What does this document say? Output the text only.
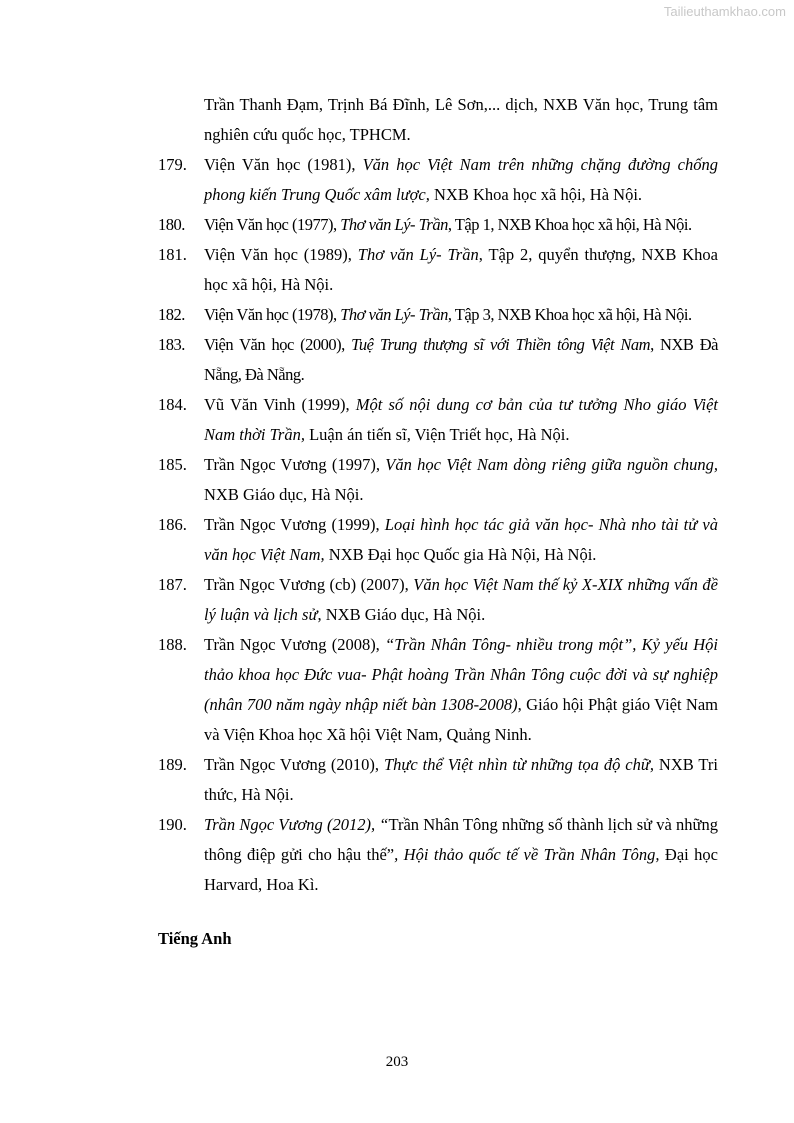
Tailieuthamkhao.com
Trần Thanh Đạm, Trịnh Bá Đĩnh, Lê Sơn,... dịch, NXB Văn học, Trung tâm nghiên cứu quốc học, TPHCM.
179. Viện Văn học (1981), Văn học Việt Nam trên những chặng đường chống phong kiến Trung Quốc xâm lược, NXB Khoa học xã hội, Hà Nội.
180. Viện Văn học (1977), Thơ văn Lý- Trần, Tập 1, NXB Khoa học xã hội, Hà Nội.
181. Viện Văn học (1989), Thơ văn Lý- Trần, Tập 2, quyển thượng, NXB Khoa học xã hội, Hà Nội.
182. Viện Văn học (1978), Thơ văn Lý- Trần, Tập 3, NXB Khoa học xã hội, Hà Nội.
183. Viện Văn học (2000), Tuệ Trung thượng sĩ với Thiền tông Việt Nam, NXB Đà Nẵng, Đà Nẵng.
184. Vũ Văn Vinh (1999), Một số nội dung cơ bản của tư tưởng Nho giáo Việt Nam thời Trần, Luận án tiến sĩ, Viện Triết học, Hà Nội.
185. Trần Ngọc Vương (1997), Văn học Việt Nam dòng riêng giữa nguồn chung, NXB Giáo dục, Hà Nội.
186. Trần Ngọc Vương (1999), Loại hình học tác giả văn học- Nhà nho tài tử và văn học Việt Nam, NXB Đại học Quốc gia Hà Nội, Hà Nội.
187. Trần Ngọc Vương (cb) (2007), Văn học Việt Nam thế kỷ X-XIX những vấn đề lý luận và lịch sử, NXB Giáo dục, Hà Nội.
188. Trần Ngọc Vương (2008), “Trần Nhân Tông- nhiều trong một”, Kỷ yếu Hội thảo khoa học Đức vua- Phật hoàng Trần Nhân Tông cuộc đời và sự nghiệp (nhân 700 năm ngày nhập niết bàn 1308-2008), Giáo hội Phật giáo Việt Nam và Viện Khoa học Xã hội Việt Nam, Quảng Ninh.
189. Trần Ngọc Vương (2010), Thực thể Việt nhìn từ những tọa độ chữ, NXB Tri thức, Hà Nội.
190. Trần Ngọc Vương (2012), “Trần Nhân Tông những số thành lịch sử và những thông điệp gửi cho hậu thế”, Hội thảo quốc tế về Trần Nhân Tông, Đại học Harvard, Hoa Kì.
Tiếng Anh
203
